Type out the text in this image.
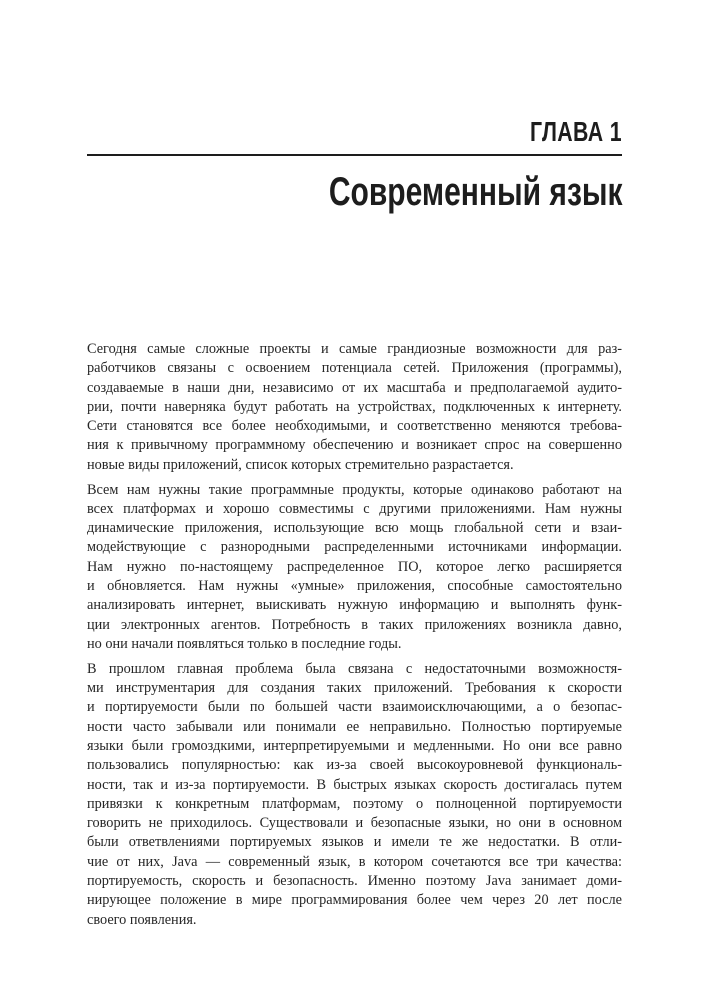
ГЛАВА 1
Современный язык
Сегодня самые сложные проекты и самые грандиозные возможности для раз-
работчиков связаны с освоением потенциала сетей. Приложения (программы),
создаваемые в наши дни, независимо от их масштаба и предполагаемой аудито-
рии, почти наверняка будут работать на устройствах, подключенных к интернету.
Сети становятся все более необходимыми, и соответственно меняются требова-
ния к привычному программному обеспечению и возникает спрос на совершенно
новые виды приложений, список которых стремительно разрастается.
Всем нам нужны такие программные продукты, которые одинаково работают на
всех платформах и хорошо совместимы с другими приложениями. Нам нужны
динамические приложения, использующие всю мощь глобальной сети и взаи-
модействующие с разнородными распределенными источниками информации.
Нам нужно по-настоящему распределенное ПО, которое легко расширяется
и обновляется. Нам нужны «умные» приложения, способные самостоятельно
анализировать интернет, выискивать нужную информацию и выполнять функ-
ции электронных агентов. Потребность в таких приложениях возникла давно,
но они начали появляться только в последние годы.
В прошлом главная проблема была связана с недостаточными возможностя-
ми инструментария для создания таких приложений. Требования к скорости
и портируемости были по большей части взаимоисключающими, а о безопас-
ности часто забывали или понимали ее неправильно. Полностью портируемые
языки были громоздкими, интерпретируемыми и медленными. Но они все равно
пользовались популярностью: как из-за своей высокоуровневой функциональ-
ности, так и из-за портируемости. В быстрых языках скорость достигалась путем
привязки к конкретным платформам, поэтому о полноценной портируемости
говорить не приходилось. Существовали и безопасные языки, но они в основном
были ответвлениями портируемых языков и имели те же недостатки. В отли-
чие от них, Java — современный язык, в котором сочетаются все три качества:
портируемость, скорость и безопасность. Именно поэтому Java занимает доми-
нирующее положение в мире программирования более чем через 20 лет после
своего появления.
